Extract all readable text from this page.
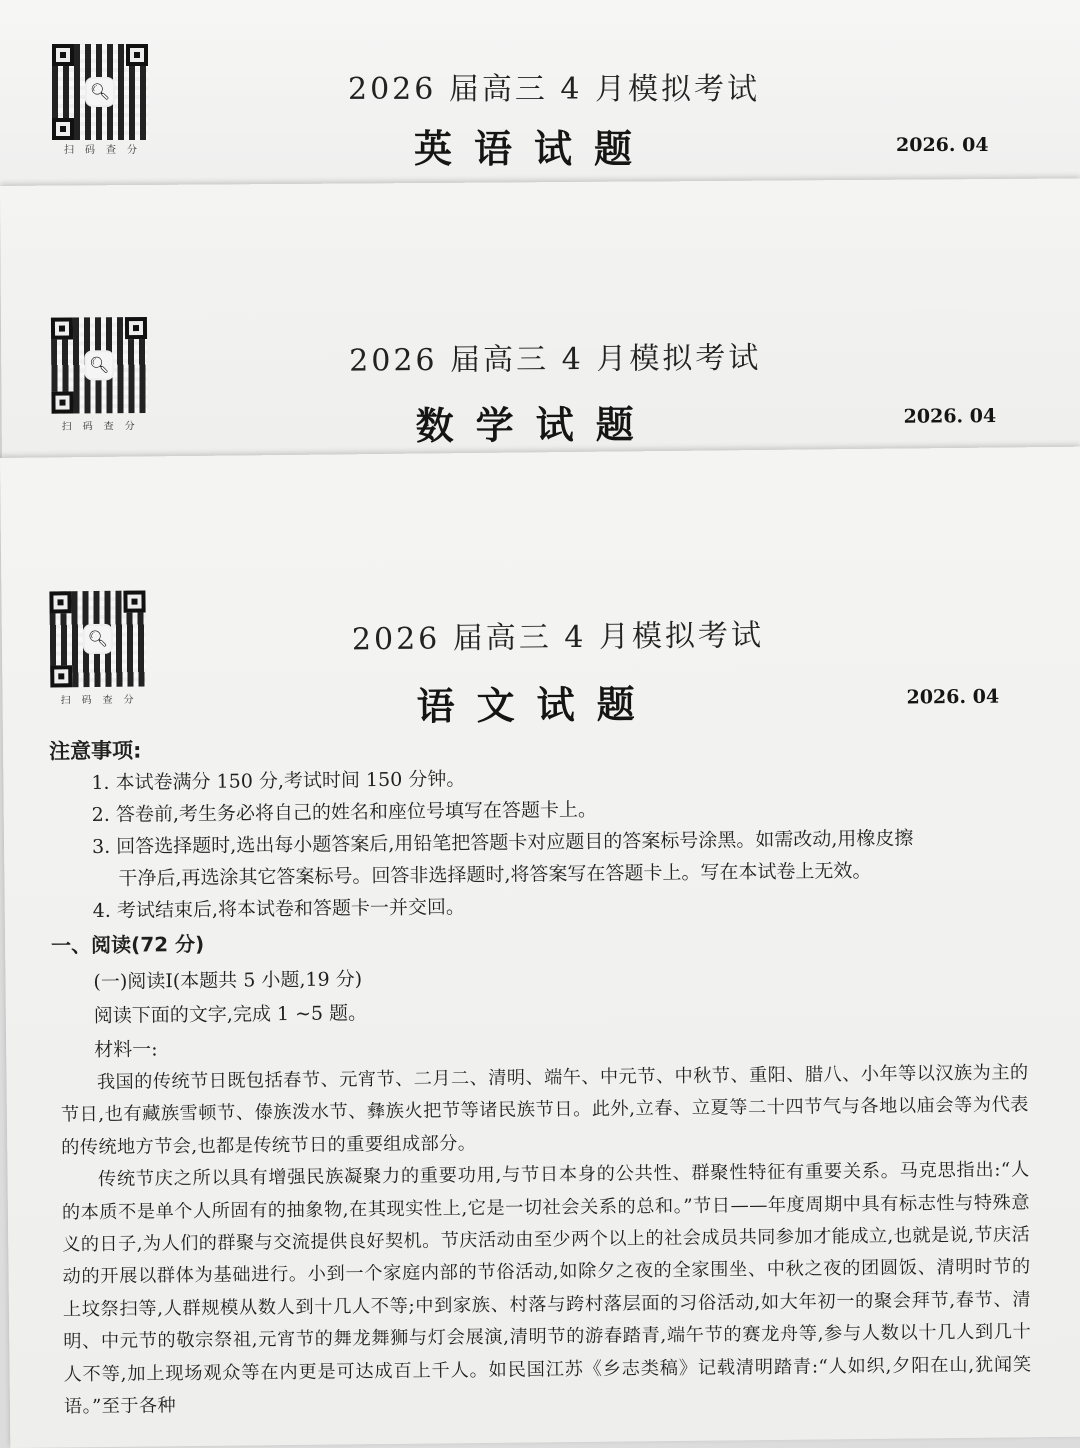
🔍︎
扫码查分
2026 届高三 4 月模拟考试
英语试题	2026. 04
🔍︎
扫码查分
2026 届高三 4 月模拟考试
数学试题	2026. 04
🔍︎
扫码查分
2026 届高三 4 月模拟考试
语文试题	2026. 04
注意事项:
1. 本试卷满分 150 分,考试时间 150 分钟。
2. 答卷前,考生务必将自己的姓名和座位号填写在答题卡上。
3. 回答选择题时,选出每小题答案后,用铅笔把答题卡对应题目的答案标号涂黑。如需改动,用橡皮擦
干净后,再选涂其它答案标号。回答非选择题时,将答案写在答题卡上。写在本试卷上无效。
4. 考试结束后,将本试卷和答题卡一并交回。
一、阅读(72 分)
(一)阅读Ⅰ(本题共 5 小题,19 分)
阅读下面的文字,完成 1 ~5 题。
材料一:

我国的传统节日既包括春节、元宵节、二月二、清明、端午、中元节、中秋节、重阳、腊八、小年等以汉族为主的节日,也有藏族雪顿节、傣族泼水节、彝族火把节等诸民族节日。此外,立春、立夏等二十四节气与各地以庙会等为代表的传统地方节会,也都是传统节日的重要组成部分。

传统节庆之所以具有增强民族凝聚力的重要功用,与节日本身的公共性、群聚性特征有重要关系。马克思指出:“人的本质不是单个人所固有的抽象物,在其现实性上,它是一切社会关系的总和。”节日——年度周期中具有标志性与特殊意义的日子,为人们的群聚与交流提供良好契机。节庆活动由至少两个以上的社会成员共同参加才能成立,也就是说,节庆活动的开展以群体为基础进行。小到一个家庭内部的节俗活动,如除夕之夜的全家围坐、中秋之夜的团圆饭、清明时节的上坟祭扫等,人群规模从数人到十几人不等;中到家族、村落与跨村落层面的习俗活动,如大年初一的聚会拜节,春节、清明、中元节的敬宗祭祖,元宵节的舞龙舞狮与灯会展演,清明节的游春踏青,端午节的赛龙舟等,参与人数以十几人到几十人不等,加上现场观众等在内更是可达成百上千人。如民国江苏《乡志类稿》记载清明踏青:“人如织,夕阳在山,犹闻笑语。”至于各种
